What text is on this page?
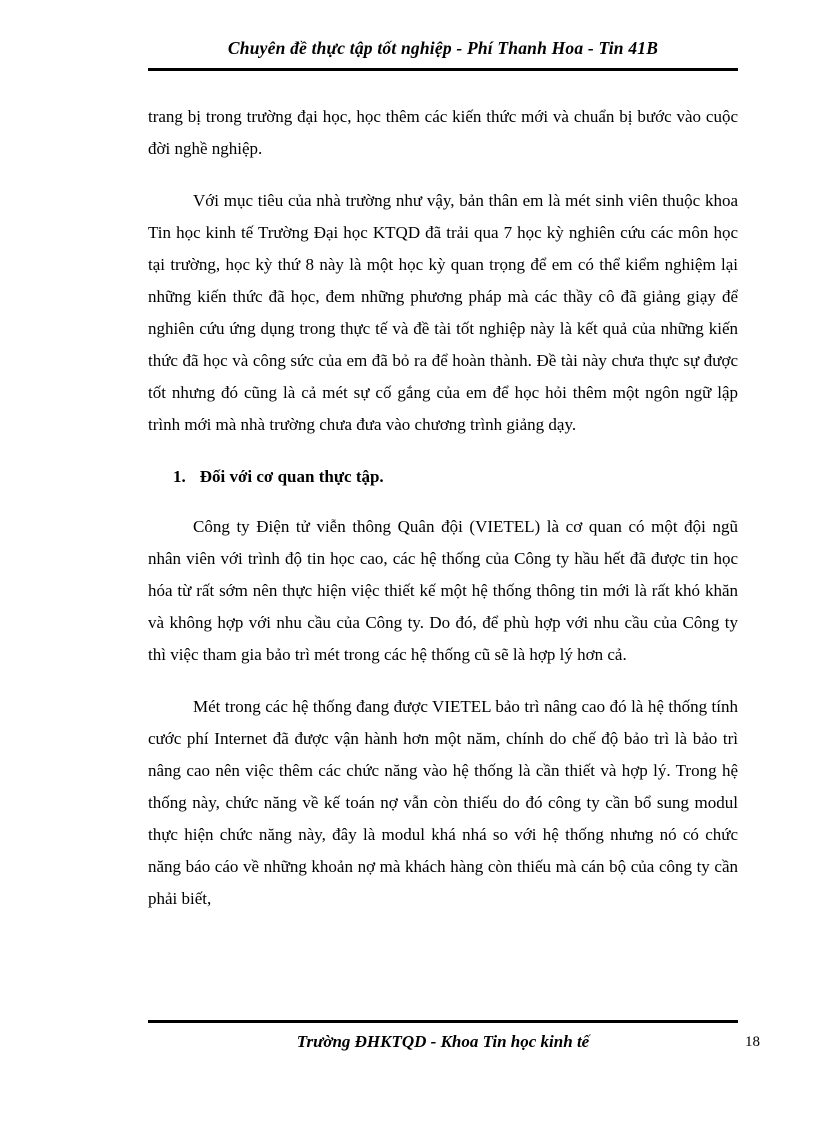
Chuyên đề thực tập tốt nghiệp - Phí Thanh Hoa - Tin 41B

trang bị trong trường đại học, học thêm các kiến thức mới và chuẩn bị bước vào cuộc đời nghề nghiệp.

Với mục tiêu của nhà trường như vậy, bản thân em là mét sinh viên thuộc khoa Tin học kinh tế Trường Đại học KTQD đã trải qua 7 học kỳ nghiên cứu các môn học tại trường, học kỳ thứ 8 này là một học kỳ quan trọng để em có thể kiểm nghiệm lại những kiến thức đã học, đem những phương pháp mà các thầy cô đã giảng giạy để nghiên cứu ứng dụng trong thực tế và đề tài tốt nghiệp này là kết quả của những kiến thức đã học và công sức của em đã bỏ ra để hoàn thành. Đề tài này chưa thực sự được tốt nhưng đó cũng là cả mét sự cố gắng của em để học hỏi thêm một ngôn ngữ lập trình mới mà nhà trường chưa đưa vào chương trình giảng dạy.

1. Đối với cơ quan thực tập.

Công ty Điện tử viễn thông Quân đội (VIETEL) là cơ quan có một đội ngũ nhân viên với trình độ tin học cao, các hệ thống của Công ty hầu hết đã được tin học hóa từ rất sớm nên thực hiện việc thiết kế một hệ thống thông tin mới là rất khó khăn và không hợp với nhu cầu của Công ty. Do đó, để phù hợp với nhu cầu của Công ty thì việc tham gia bảo trì mét trong các hệ thống cũ sẽ là hợp lý hơn cả.

Mét trong các hệ thống đang được VIETEL bảo trì nâng cao đó là hệ thống tính cước phí Internet đã được vận hành hơn một năm, chính do chế độ bảo trì là bảo trì nâng cao nên việc thêm các chức năng vào hệ thống là cần thiết và hợp lý. Trong hệ thống này, chức năng về kế toán nợ vẫn còn thiếu do đó công ty cần bổ sung modul thực hiện chức năng này, đây là modul khá nhá so với hệ thống nhưng nó có chức năng báo cáo về những khoản nợ mà khách hàng còn thiếu mà cán bộ của công ty cần phải biết,

Trường ĐHKTQD - Khoa Tin học kinh tế	18
